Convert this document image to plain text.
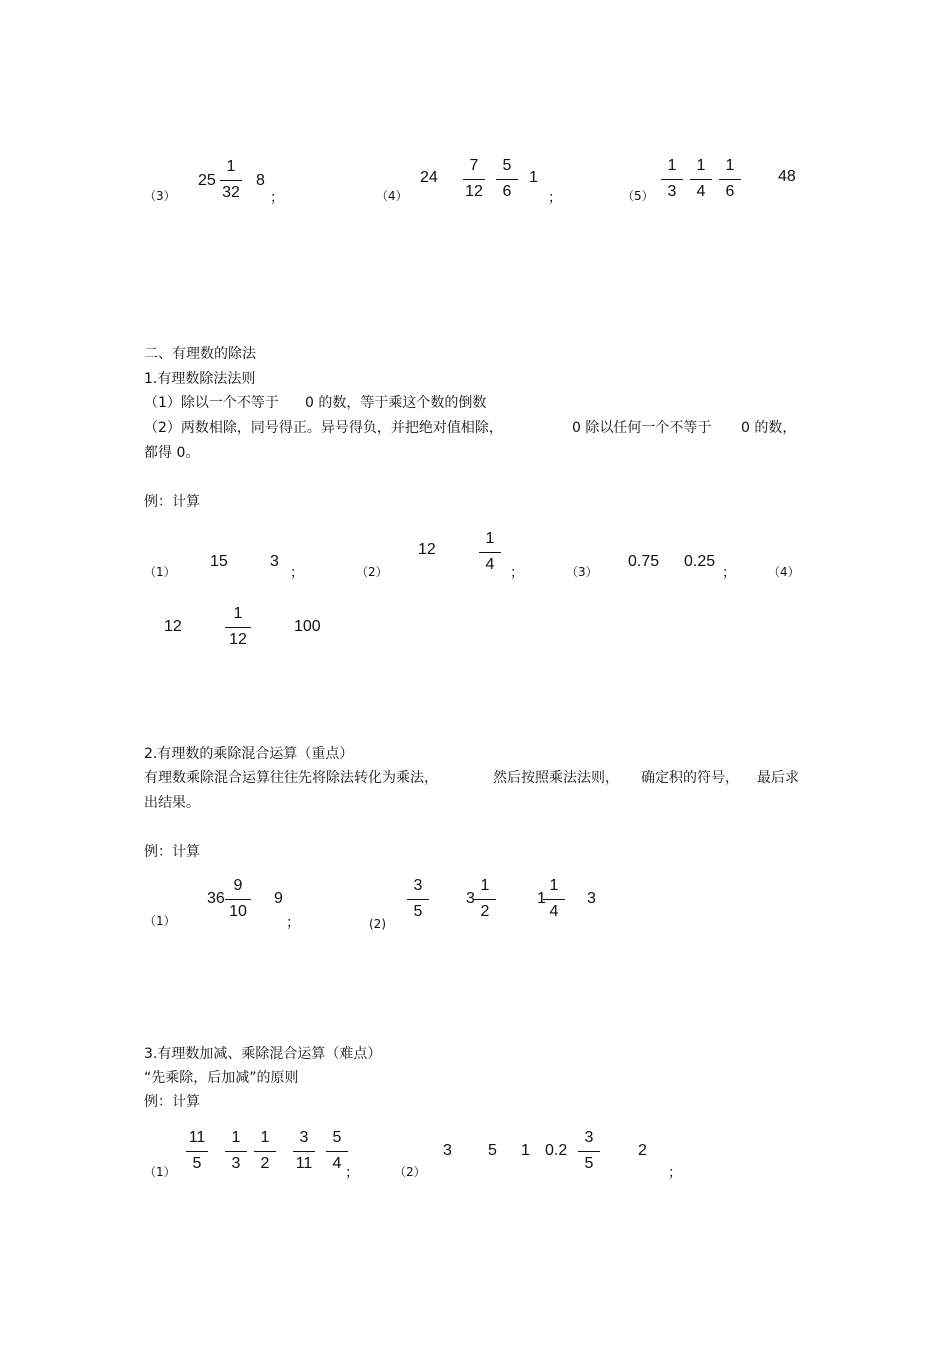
（3）
25
1
32
8
；	（4）
24
7
12
5
6
1
；	（5）
1
3
1
4
1
6
48
二、有理数的除法
1.有理数除法法则
（1）除以一个不等于 0 的数，等于乘这个数的倒数
（2）两数相除，同号得正。异号得负，并把绝对值相除，	0 除以任何一个不等于 0 的数，
都得 0。
例：计算
（1）
15	3
；	（2）
12
1
4	；	（3）
0.75 0.25
；	（4）
12
1
12
100
2.有理数的乘除混合运算（重点）
有理数乘除混合运算往往先将除法转化为乘法，	然后按照乘法法则， 确定积的符号， 最后求
出结果。
例：计算
（1）
36
9
10
9
；	(2)
3
5
3
1
2
1
1
4
3
3.有理数加减、乘除混合运算（难点）
“先乘除，后加减”的原则
例：计算
（1）
11
5
1
3
1
2
3
11
5
4
；	（2）
3 5 1 0.2
3
5
2
；
